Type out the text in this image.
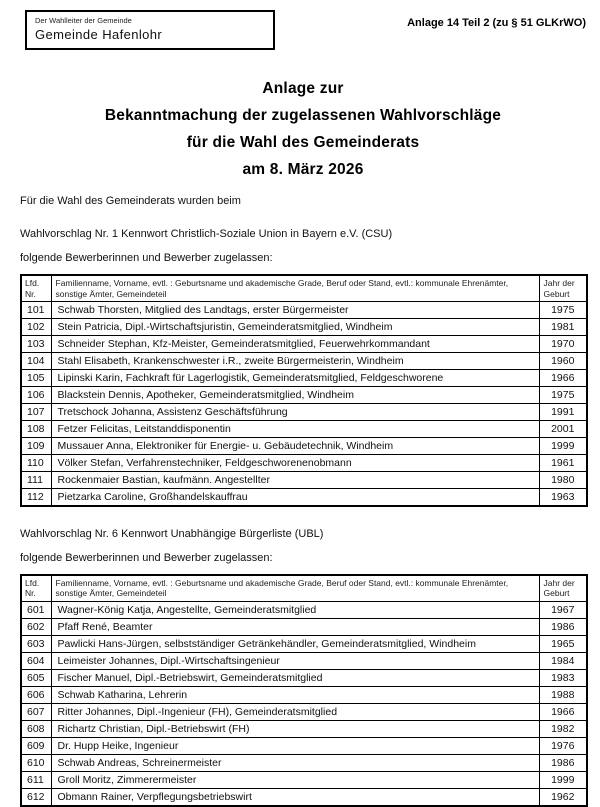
Der Wahlleiter der Gemeinde
Gemeinde Hafenlohr
Anlage 14 Teil 2 (zu § 51 GLKrWO)
Anlage zur
Bekanntmachung der zugelassenen Wahlvorschläge
für die Wahl des Gemeinderats
am 8. März 2026

Für die Wahl des Gemeinderats wurden beim

Wahlvorschlag Nr. 1 Kennwort Christlich-Soziale Union in Bayern e.V. (CSU)
folgende Bewerberinnen und Bewerber zugelassen:
Lfd. Nr.	Familienname, Vorname, evtl. : Geburtsname und akademische Grade, Beruf oder Stand, evtl.: kommunale Ehrenämter, sonstige Ämter, Gemeindeteil	Jahr der Geburt
101	Schwab Thorsten, Mitglied des Landtags, erster Bürgermeister	1975
102	Stein Patricia, Dipl.-Wirtschaftsjuristin, Gemeinderatsmitglied, Windheim	1981
103	Schneider Stephan, Kfz-Meister, Gemeinderatsmitglied, Feuerwehrkommandant	1970
104	Stahl Elisabeth, Krankenschwester i.R., zweite Bürgermeisterin, Windheim	1960
105	Lipinski Karin, Fachkraft für Lagerlogistik, Gemeinderatsmitglied, Feldgeschworene	1966
106	Blackstein Dennis, Apotheker, Gemeinderatsmitglied, Windheim	1975
107	Tretschock Johanna, Assistenz Geschäftsführung	1991
108	Fetzer Felicitas, Leitstanddisponentin	2001
109	Mussauer Anna, Elektroniker für Energie- u. Gebäudetechnik, Windheim	1999
110	Völker Stefan, Verfahrenstechniker, Feldgeschworenenobmann	1961
111	Rockenmaier Bastian, kaufmänn. Angestellter	1980
112	Pietzarka Caroline, Großhandelskauffrau	1963
Wahlvorschlag Nr. 6 Kennwort Unabhängige Bürgerliste (UBL)
folgende Bewerberinnen und Bewerber zugelassen:
Lfd. Nr.	Familienname, Vorname, evtl. : Geburtsname und akademische Grade, Beruf oder Stand, evtl.: kommunale Ehrenämter, sonstige Ämter, Gemeindeteil	Jahr der Geburt
601	Wagner-König Katja, Angestellte, Gemeinderatsmitglied	1967
602	Pfaff René, Beamter	1986
603	Pawlicki Hans-Jürgen, selbstständiger Getränkehändler, Gemeinderatsmitglied, Windheim	1965
604	Leimeister Johannes, Dipl.-Wirtschaftsingenieur	1984
605	Fischer Manuel, Dipl.-Betriebswirt, Gemeinderatsmitglied	1983
606	Schwab Katharina, Lehrerin	1988
607	Ritter Johannes, Dipl.-Ingenieur (FH), Gemeinderatsmitglied	1966
608	Richartz Christian, Dipl.-Betriebswirt (FH)	1982
609	Dr. Hupp Heike, Ingenieur	1976
610	Schwab Andreas, Schreinermeister	1986
611	Groll Moritz, Zimmerermeister	1999
612	Obmann Rainer, Verpflegungsbetriebswirt	1962
